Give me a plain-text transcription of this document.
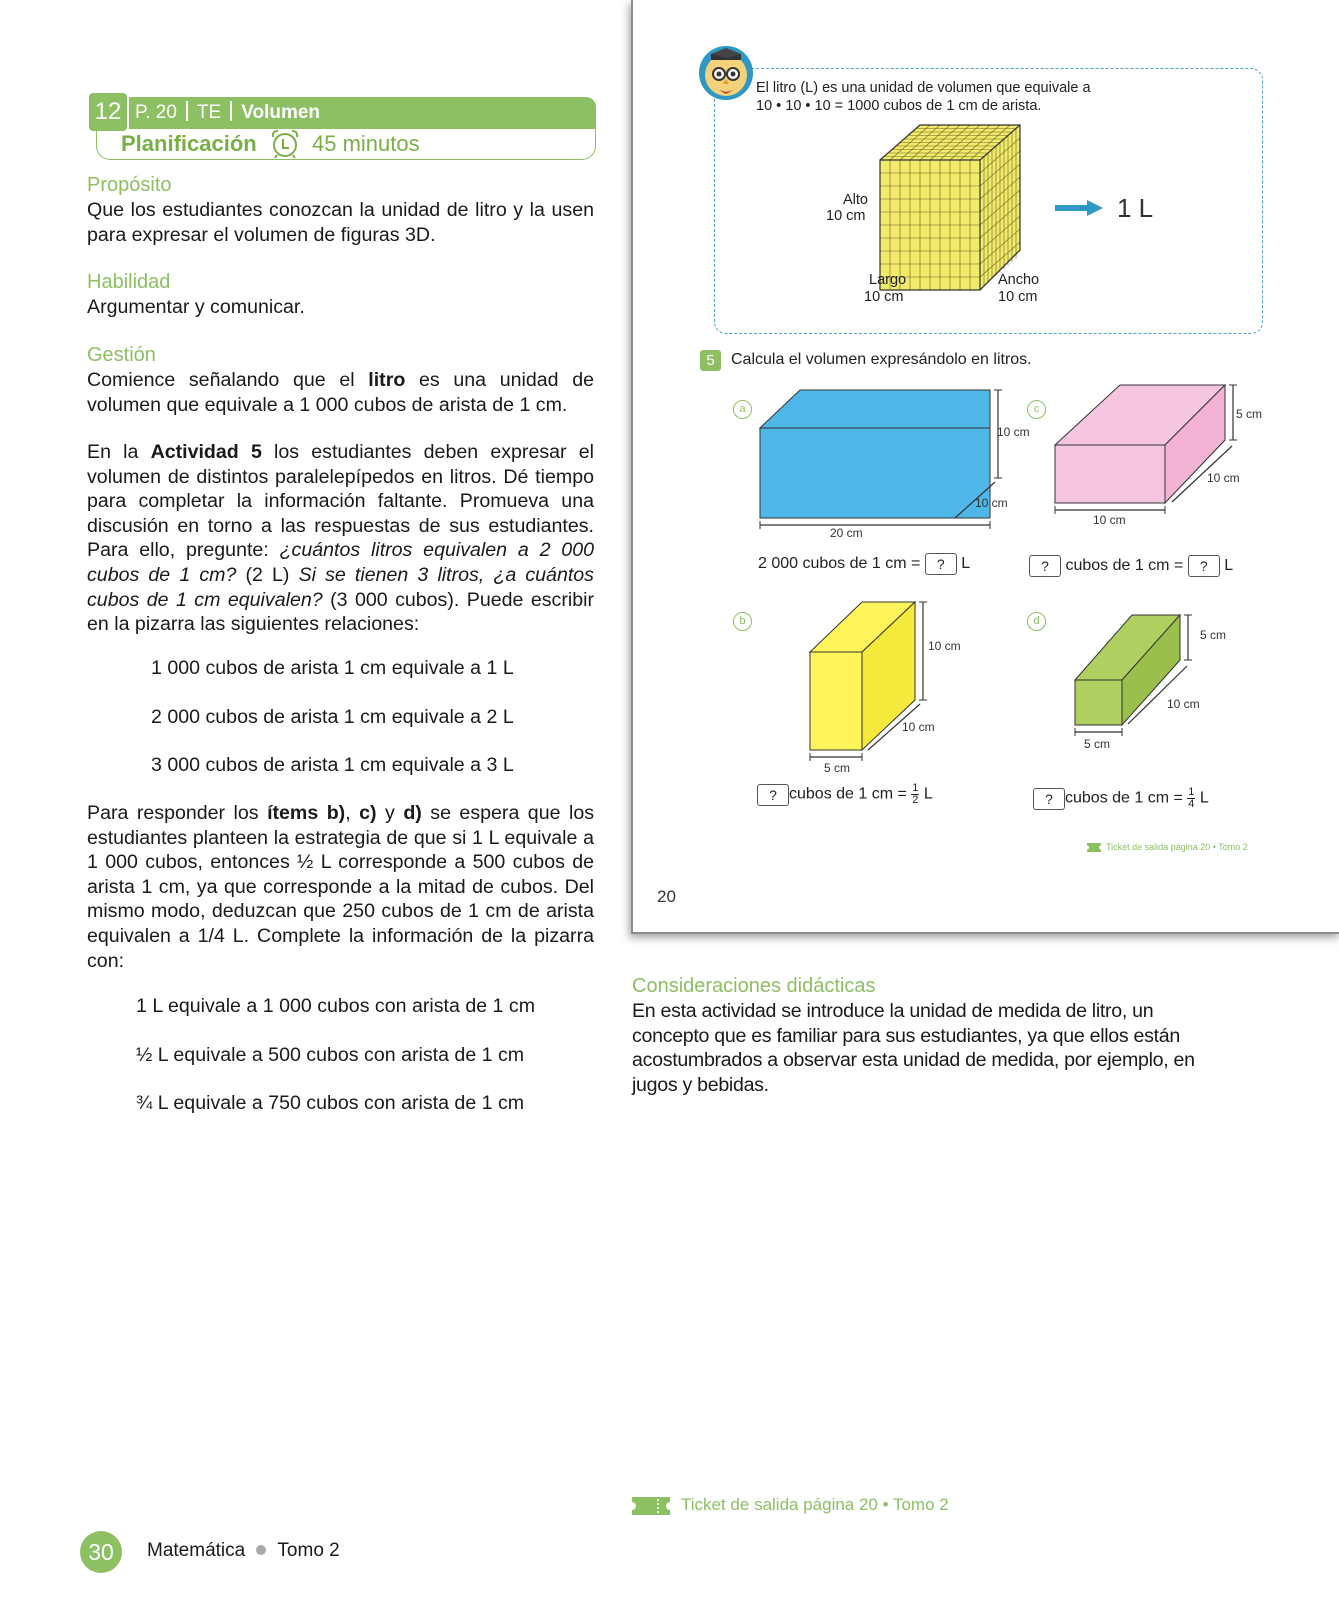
12 P. 20 TE Volumen
Planificación	45 minutos
Propósito
Que los estudiantes conozcan la unidad de litro y la usen para expresar el volumen de figuras 3D.
Habilidad
Argumentar y comunicar.
Gestión
Comience señalando que el litro es una unidad de volumen que equivale a 1 000 cubos de arista de 1 cm.
En la Actividad 5 los estudiantes deben expresar el volumen de distintos paralelepípedos en litros. Dé tiempo para completar la información faltante. Promueva una discusión en torno a las respuestas de sus estudiantes. Para ello, pregunte: ¿cuántos litros equivalen a 2 000 cubos de 1 cm? (2 L) Si se tienen 3 litros, ¿a cuántos cubos de 1 cm equivalen? (3 000 cubos). Puede escribir en la pizarra las siguientes relaciones:
1 000 cubos de arista 1 cm equivale a 1 L
2 000 cubos de arista 1 cm equivale a 2 L
3 000 cubos de arista 1 cm equivale a 3 L
Para responder los ítems b), c) y d) se espera que los estudiantes planteen la estrategia de que si 1 L equivale a 1 000 cubos, entonces ½ L corresponde a 500 cubos de arista 1 cm, ya que corresponde a la mitad de cubos. Del mismo modo, deduzcan que 250 cubos de 1 cm de arista equivalen a 1/4 L. Complete la información de la pizarra con:
1 L equivale a 1 000 cubos con arista de 1 cm
½ L equivale a 500 cubos con arista de 1 cm
¾ L equivale a 750 cubos con arista de 1 cm
El litro (L) es una unidad de volumen que equivale a
10 • 10 • 10 = 1000 cubos de 1 cm de arista.
Alto
10 cm
Largo
10 cm
Ancho
10 cm
1 L
5	Calcula el volumen expresándolo en litros.
a
10 cm
10 cm
20 cm
2 000 cubos de 1 cm = ? L
c	5 cm
10 cm
10 cm
? cubos de 1 cm = ? L
b
10 cm
10 cm
5 cm
? cubos de 1 cm = $\frac{1}{2}$ L
d
5 cm
10 cm
5 cm
? cubos de 1 cm = $\frac{1}{4}$ L
Ticket de salida página 20 • Tomo 2
20
Consideraciones didácticas
En esta actividad se introduce la unidad de medida de litro, un concepto que es familiar para sus estudiantes, ya que ellos están acostumbrados a observar esta unidad de medida, por ejemplo, en jugos y bebidas.
Ticket de salida página 20 • Tomo 2
30	Matemática Tomo 2
